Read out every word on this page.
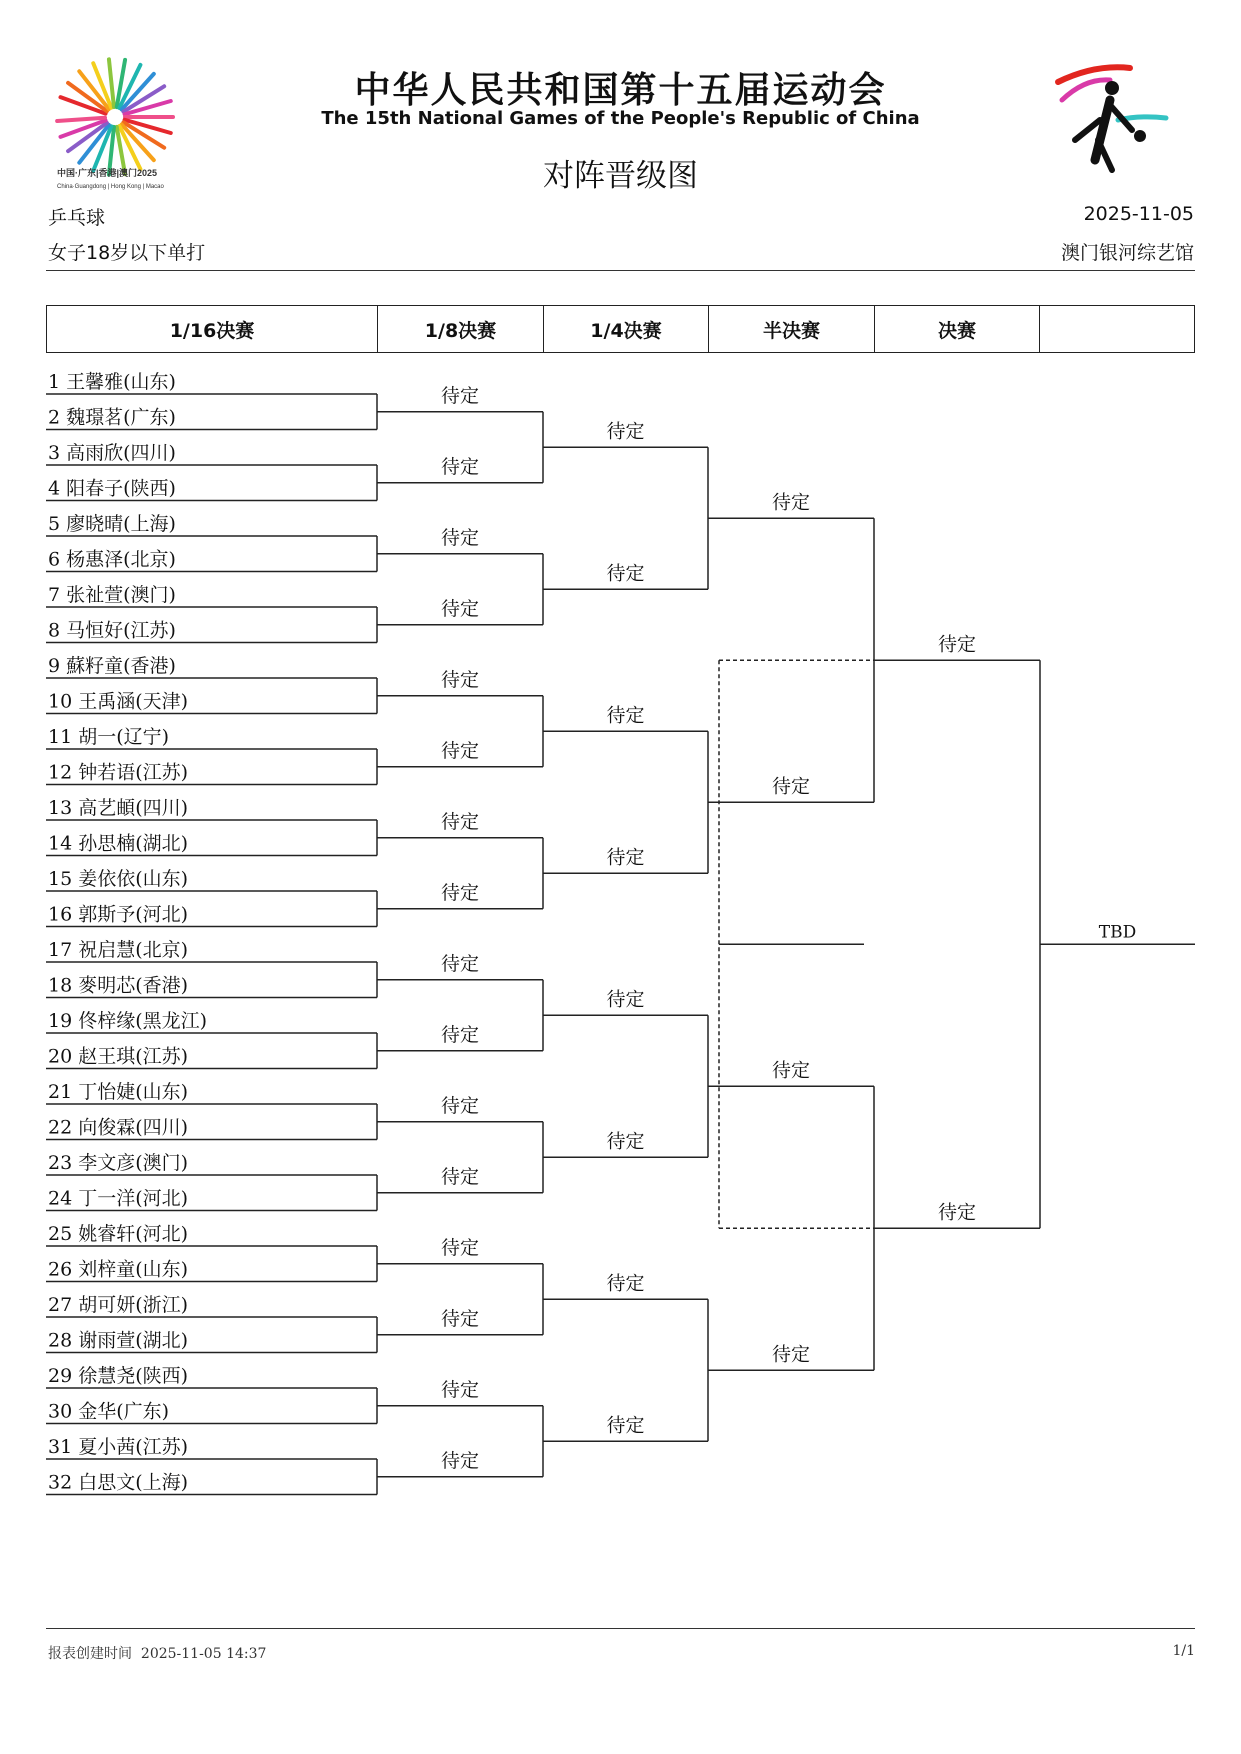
中国·广东|香港|澳门2025
China·Guangdong | Hong Kong | Macao
中华人民共和国第十五届运动会
The 15th National Games of the People's Republic of China
对阵晋级图
乒乓球
女子18岁以下单打
2025-11-05
澳门银河综艺馆
1/16决赛	1/8决赛	1/4决赛	半决赛	决赛
1 王馨雅(山东)
2 魏璟茗(广东)
3 高雨欣(四川)
4 阳春子(陕西)
5 廖晓晴(上海)
6 杨惠泽(北京)
7 张祉萱(澳门)
8 马恒好(江苏)
9 蘇籽童(香港)
10 王禹涵(天津)
11 胡一(辽宁)
12 钟若语(江苏)
13 高艺頔(四川)
14 孙思楠(湖北)
15 姜依依(山东)
16 郭斯予(河北)
17 祝启慧(北京)
18 麥明芯(香港)
19 佟梓缘(黑龙江)
20 赵王琪(江苏)
21 丁怡婕(山东)
22 向俊霖(四川)
23 李文彦(澳门)
24 丁一洋(河北)
25 姚睿轩(河北)
26 刘梓童(山东)
27 胡可妍(浙江)
28 谢雨萱(湖北)
29 徐慧尧(陕西)
30 金华(广东)
31 夏小茜(江苏)
32 白思文(上海)
待定
待定
待定
待定
待定
待定
待定
待定
待定
待定
待定
待定
待定
待定
待定
待定
待定
待定
待定
待定
待定
待定
待定
待定
待定
待定
待定
待定
待定
待定
TBD
报表创建时间 2025-11-05 14:37	1/1
